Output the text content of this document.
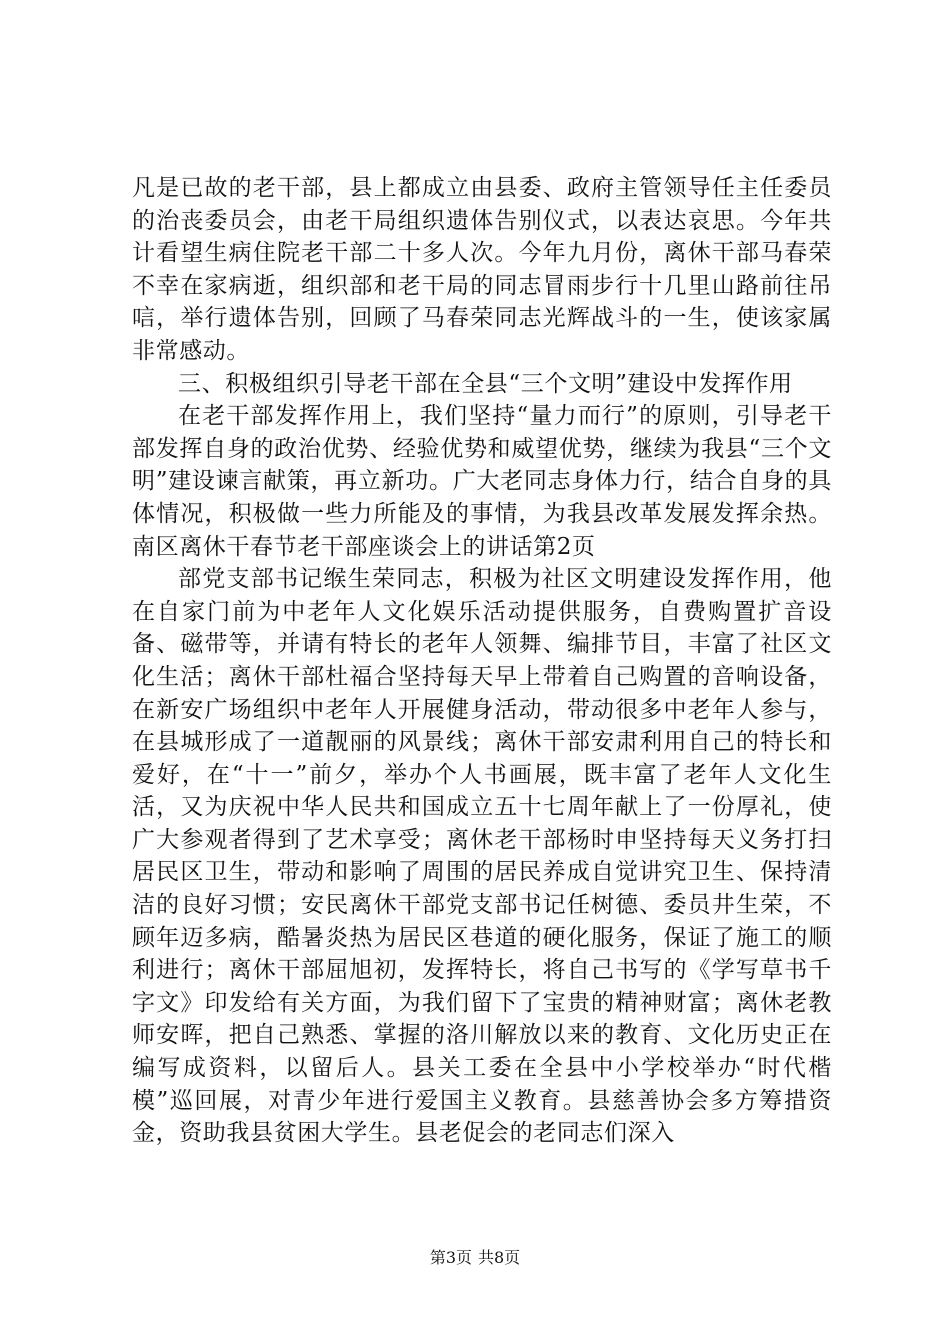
凡是已故的老干部，县上都成立由县委、政府主管领导任主任委员的治丧委员会，由老干局组织遗体告别仪式，以表达哀思。今年共计看望生病住院老干部二十多人次。今年九月份，离休干部马春荣不幸在家病逝，组织部和老干局的同志冒雨步行十几里山路前往吊唁，举行遗体告别，回顾了马春荣同志光辉战斗的一生，使该家属非常感动。

三、积极组织引导老干部在全县“三个文明”建设中发挥作用

在老干部发挥作用上，我们坚持“量力而行”的原则，引导老干部发挥自身的政治优势、经验优势和威望优势，继续为我县“三个文明”建设谏言献策，再立新功。广大老同志身体力行，结合自身的具体情况，积极做一些力所能及的事情，为我县改革发展发挥余热。南区离休干春节老干部座谈会上的讲话第2页

部党支部书记缑生荣同志，积极为社区文明建设发挥作用，他在自家门前为中老年人文化娱乐活动提供服务，自费购置扩音设备、磁带等，并请有特长的老年人领舞、编排节目，丰富了社区文化生活；离休干部杜福合坚持每天早上带着自己购置的音响设备，在新安广场组织中老年人开展健身活动，带动很多中老年人参与，在县城形成了一道靓丽的风景线；离休干部安肃利用自己的特长和爱好，在“十一”前夕，举办个人书画展，既丰富了老年人文化生活，又为庆祝中华人民共和国成立五十七周年献上了一份厚礼，使广大参观者得到了艺术享受；离休老干部杨时申坚持每天义务打扫居民区卫生，带动和影响了周围的居民养成自觉讲究卫生、保持清洁的良好习惯；安民离休干部党支部书记任树德、委员井生荣，不顾年迈多病，酷暑炎热为居民区巷道的硬化服务，保证了施工的顺利进行；离休干部屈旭初，发挥特长，将自己书写的《学写草书千字文》印发给有关方面，为我们留下了宝贵的精神财富；离休老教师安晖，把自己熟悉、掌握的洛川解放以来的教育、文化历史正在编写成资料，以留后人。县关工委在全县中小学校举办“时代楷模”巡回展，对青少年进行爱国主义教育。县慈善协会多方筹措资金，资助我县贫困大学生。县老促会的老同志们深入

第3页 共8页
